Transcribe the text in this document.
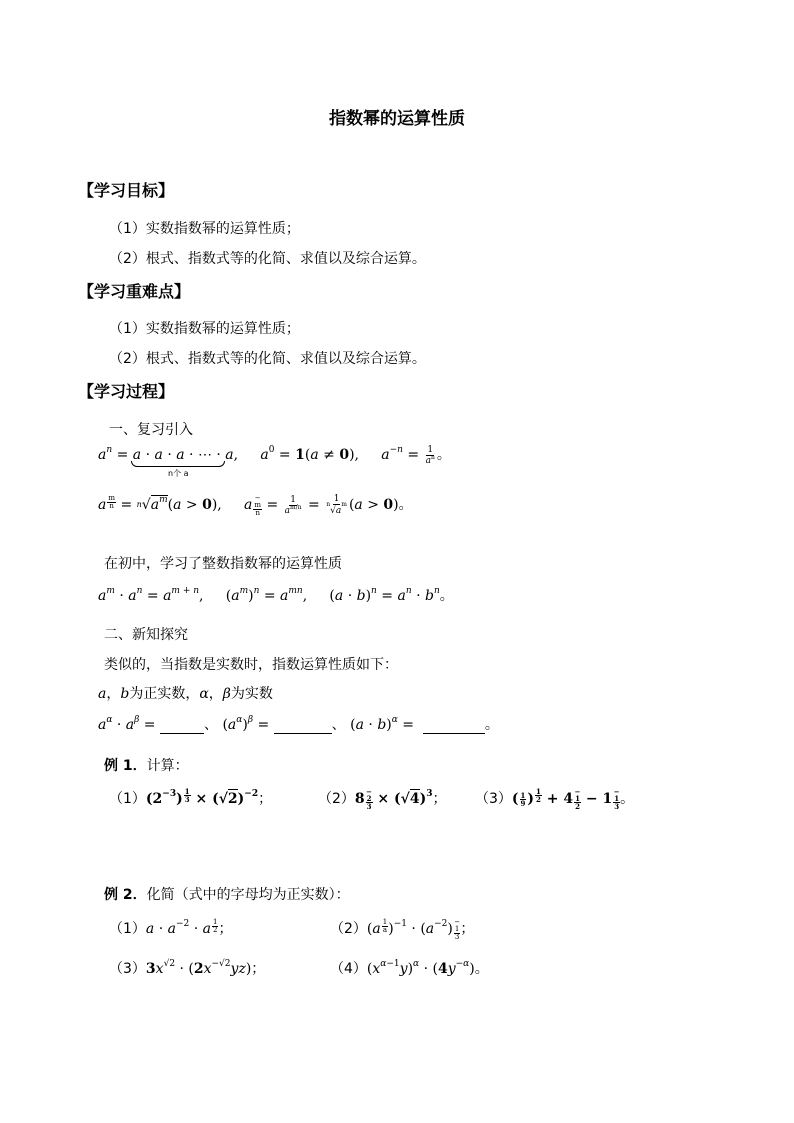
指数幂的运算性质
【学习目标】
（1）实数指数幂的运算性质；
（2）根式、指数式等的化简、求值以及综合运算。
【学习重难点】
（1）实数指数幂的运算性质；
（2）根式、指数式等的化简、求值以及综合运算。
【学习过程】
一、复习引入
$a^n = a \cdot a \cdot a$ · ⋯ · a,     $a^0 = 1(a \ne 0)$,     $a^{-n} = \frac{1}{a^n}$ 。
n个 a
a $\frac{m}{n} = ^n√a^m(a > 0)$,     a −
m
$n = \frac{1}{a^{m/n}} = \frac{1}{^n√a^m} (a > 0)$。
在初中，学习了整数指数幂的运算性质
$a^m \cdot a^n = a^{m + n}$,     $(a^m)^n = a^{mn}$,     $(a \cdot b)^n = a^n \cdot b^n$。
二、新知探究
类似的，当指数是实数时，指数运算性质如下：
a，b为正实数，α，β为实数
$a^\alpha \cdot a^\beta$ =	、 $(a^\alpha)^\beta$ =	、 $(a \cdot b)^\alpha$ =	。
例 1．计算：
$(1)(2^{-3}) \frac{1}{3} \times (√2)^{-2}$；	（2）8 −
2
$3 \times (√4)^3$； $(3)( \frac{1}{9}$ ) $\frac{1}{2} + 4$ −
1
2 − 1 −
1
3 。
例 2．化简（式中的字母均为正实数）：
$(1)a \cdot a^{-2} \cdot a \frac{1}{2}$ ；	$(2)(a \frac{1}{a} )^{-1} \cdot (a^{-2})-$
1
3 ；
$(3)3x^{√2} \cdot (2x^{-√2}yz)$；	$(4)(x^{\alpha-1}y)^\alpha \cdot (4y^{-\alpha})$。
